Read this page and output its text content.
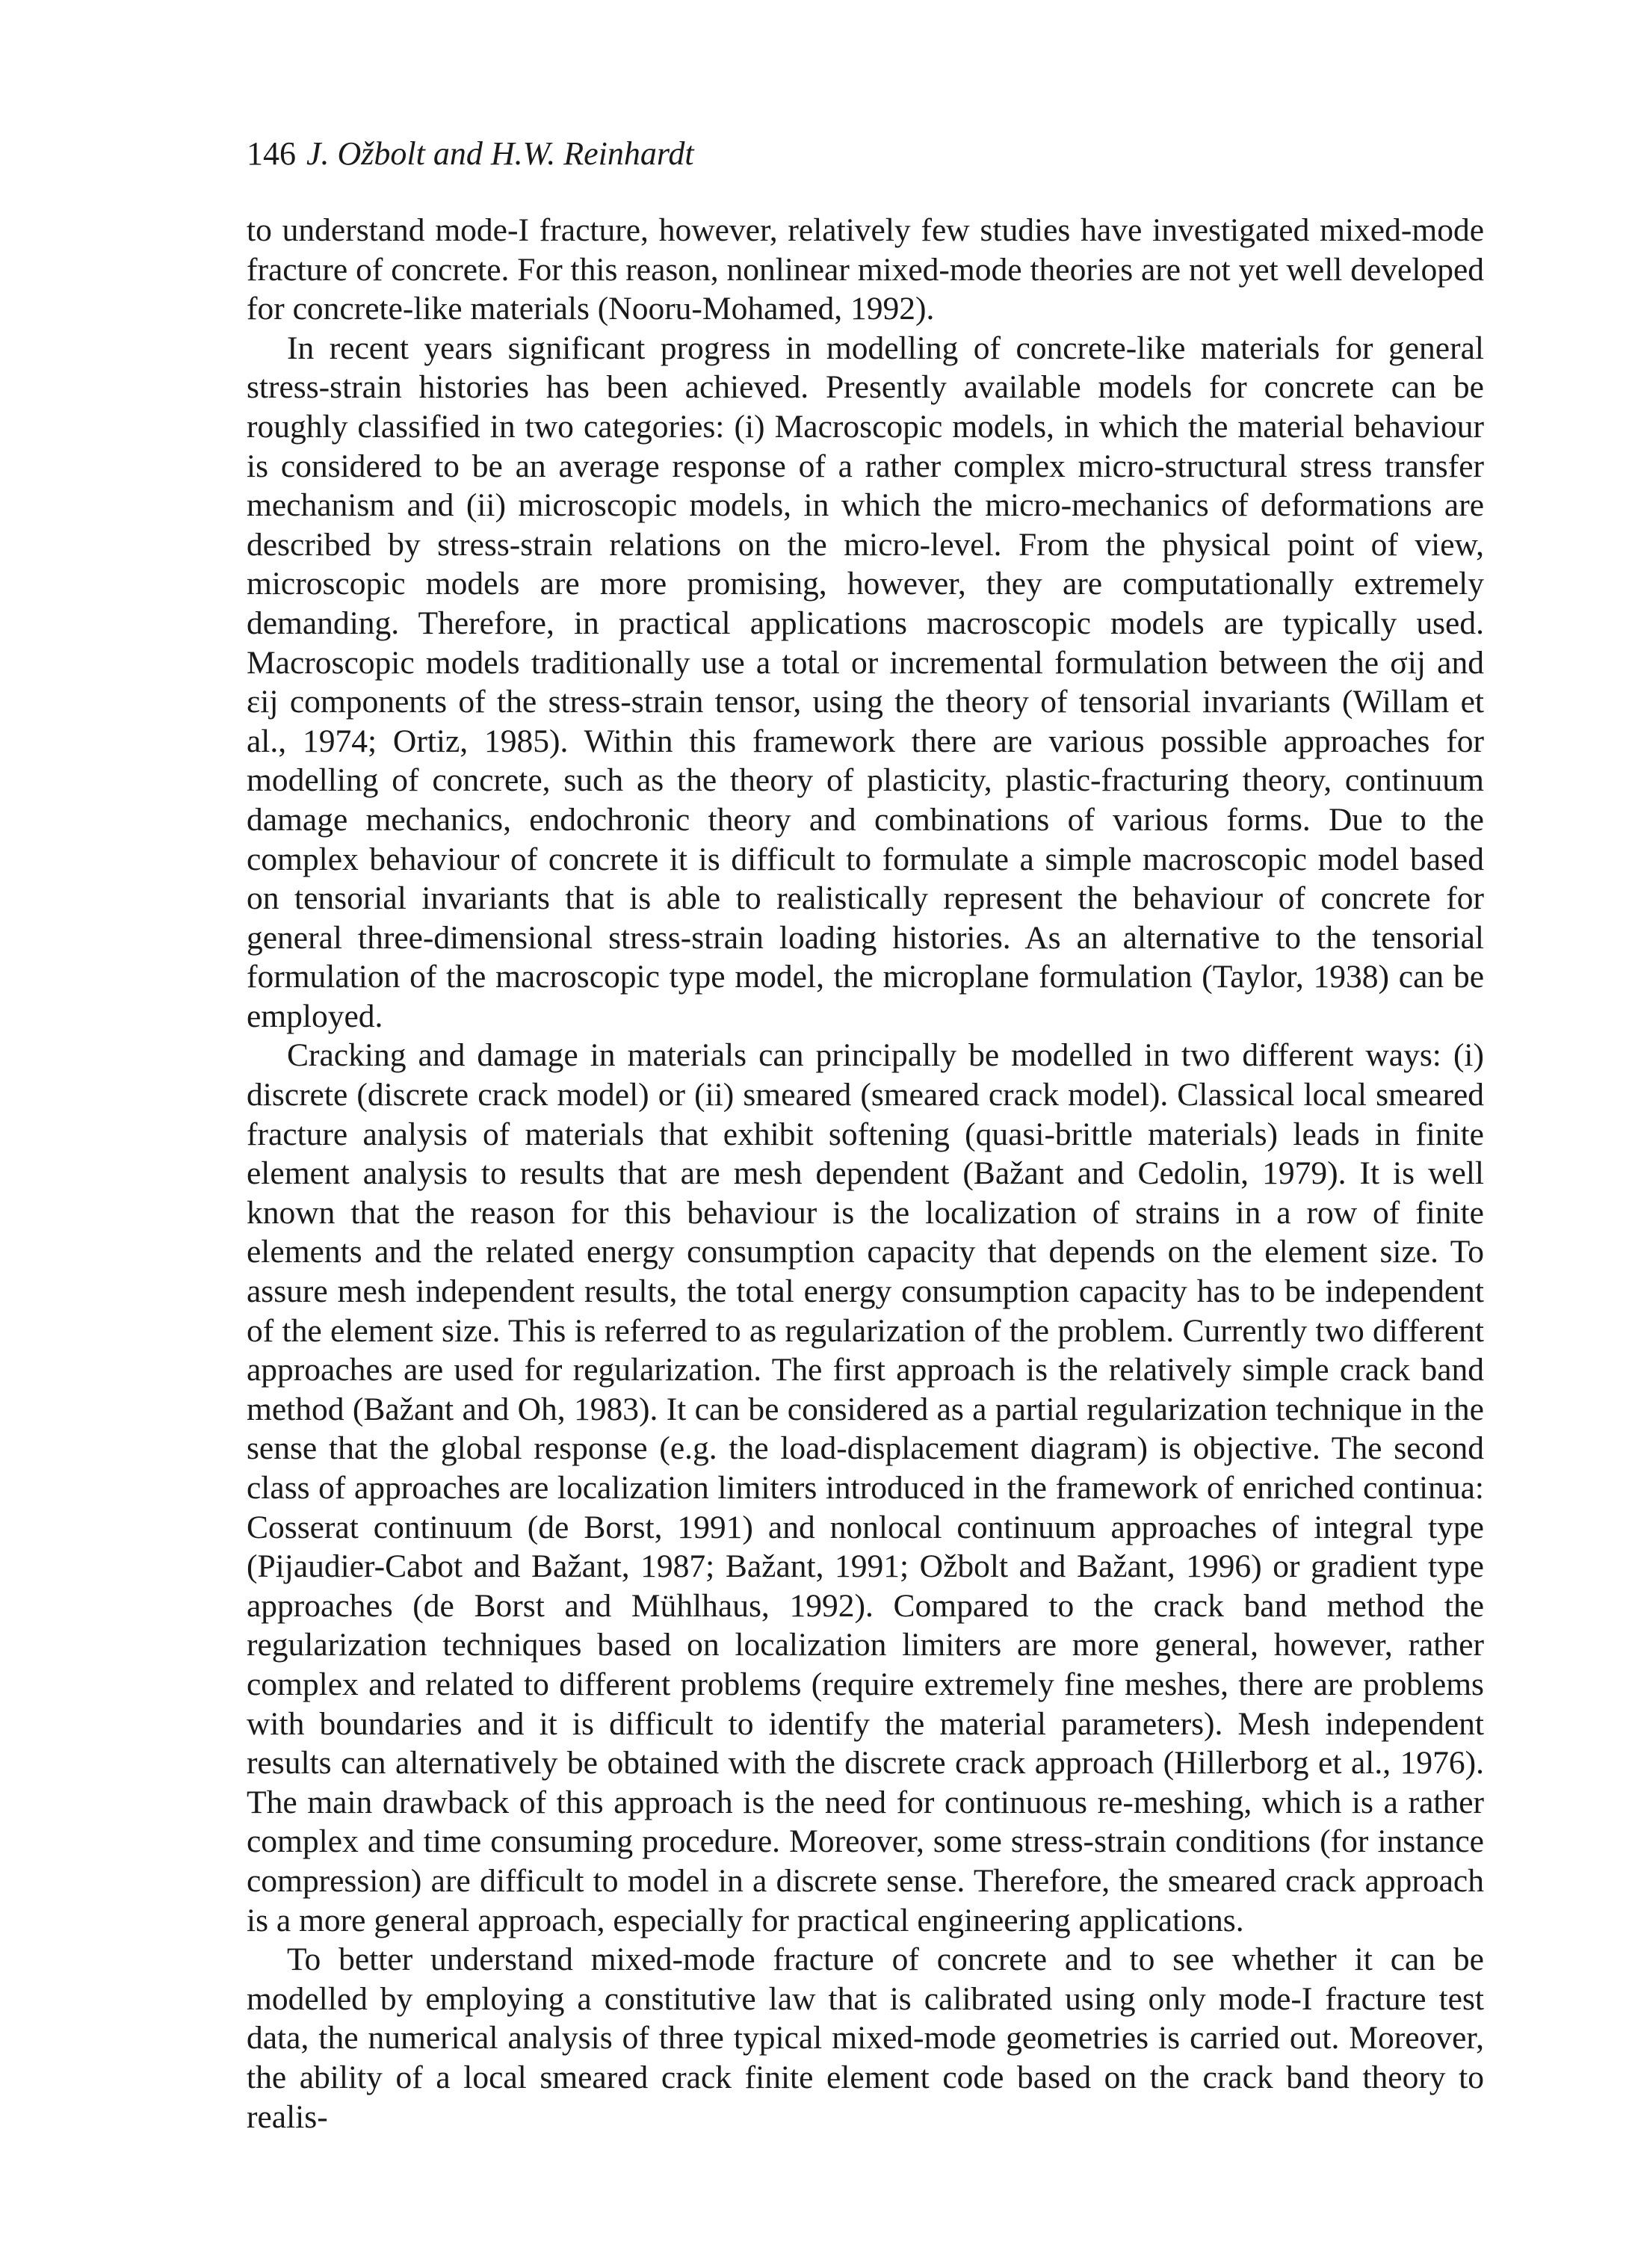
146 J. Ožbolt and H.W. Reinhardt

to understand mode-I fracture, however, relatively few studies have investigated mixed-mode fracture of concrete. For this reason, nonlinear mixed-mode theories are not yet well developed for concrete-like materials (Nooru-Mohamed, 1992).

In recent years significant progress in modelling of concrete-like materials for general stress-strain histories has been achieved. Presently available models for concrete can be roughly classified in two categories: (i) Macroscopic models, in which the material behaviour is considered to be an average response of a rather complex micro-structural stress transfer mechanism and (ii) microscopic models, in which the micro-mechanics of deformations are described by stress-strain relations on the micro-level. From the physical point of view, microscopic models are more promising, however, they are computationally extremely demanding. Therefore, in practical applications macroscopic models are typically used. Macroscopic models traditionally use a total or incremental formulation between the σij and εij components of the stress-strain tensor, using the theory of tensorial invariants (Willam et al., 1974; Ortiz, 1985). Within this framework there are various possible approaches for modelling of concrete, such as the theory of plasticity, plastic-fracturing theory, continuum damage mechanics, endochronic theory and combinations of various forms. Due to the complex behaviour of concrete it is difficult to formulate a simple macroscopic model based on tensorial invariants that is able to realistically represent the behaviour of concrete for general three-dimensional stress-strain loading histories. As an alternative to the tensorial formulation of the macroscopic type model, the microplane formulation (Taylor, 1938) can be employed.

Cracking and damage in materials can principally be modelled in two different ways: (i) discrete (discrete crack model) or (ii) smeared (smeared crack model). Classical local smeared fracture analysis of materials that exhibit softening (quasi-brittle materials) leads in finite element analysis to results that are mesh dependent (Bažant and Cedolin, 1979). It is well known that the reason for this behaviour is the localization of strains in a row of finite elements and the related energy consumption capacity that depends on the element size. To assure mesh independent results, the total energy consumption capacity has to be independent of the element size. This is referred to as regularization of the problem. Currently two different approaches are used for regularization. The first approach is the relatively simple crack band method (Bažant and Oh, 1983). It can be considered as a partial regularization technique in the sense that the global response (e.g. the load-displacement diagram) is objective. The second class of approaches are localization limiters introduced in the framework of enriched continua: Cosserat continuum (de Borst, 1991) and nonlocal continuum approaches of integral type (Pijaudier-Cabot and Bažant, 1987; Bažant, 1991; Ožbolt and Bažant, 1996) or gradient type approaches (de Borst and Mühlhaus, 1992). Compared to the crack band method the regularization techniques based on localization limiters are more general, however, rather complex and related to different problems (require extremely fine meshes, there are problems with boundaries and it is difficult to identify the material parameters). Mesh independent results can alternatively be obtained with the discrete crack approach (Hillerborg et al., 1976). The main drawback of this approach is the need for continuous re-meshing, which is a rather complex and time consuming procedure. Moreover, some stress-strain conditions (for instance compression) are difficult to model in a discrete sense. Therefore, the smeared crack approach is a more general approach, especially for practical engineering applications.

To better understand mixed-mode fracture of concrete and to see whether it can be modelled by employing a constitutive law that is calibrated using only mode-I fracture test data, the numerical analysis of three typical mixed-mode geometries is carried out. Moreover, the ability of a local smeared crack finite element code based on the crack band theory to realis-
